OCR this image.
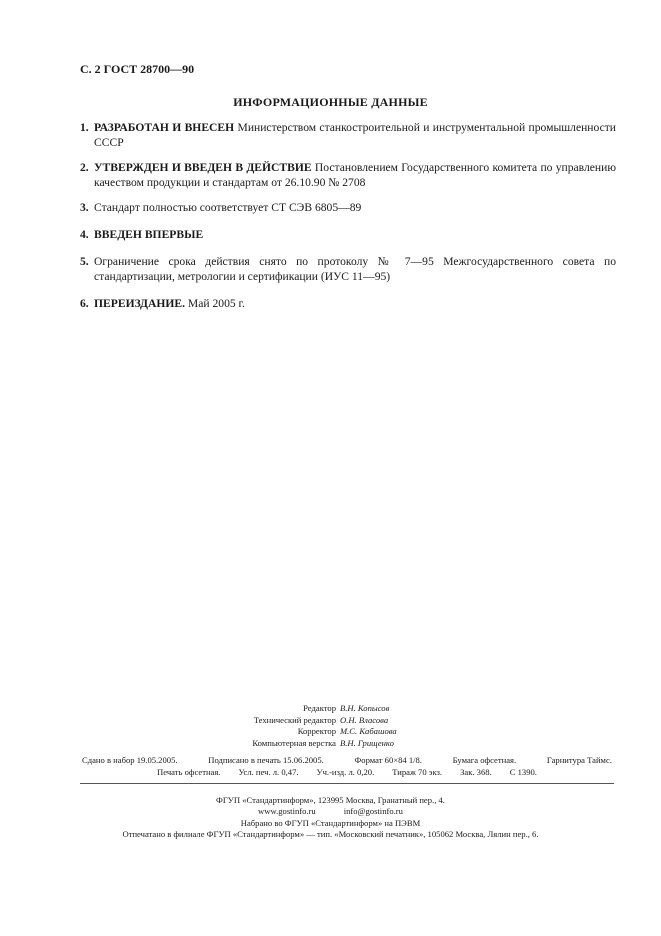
С. 2 ГОСТ 28700—90
ИНФОРМАЦИОННЫЕ ДАННЫЕ
1. РАЗРАБОТАН И ВНЕСЕН Министерством станкостроительной и инструментальной промышленности СССР
2. УТВЕРЖДЕН И ВВЕДЕН В ДЕЙСТВИЕ Постановлением Государственного комитета по управлению качеством продукции и стандартам от 26.10.90 № 2708
3. Стандарт полностью соответствует СТ СЭВ 6805—89
4. ВВЕДЕН ВПЕРВЫЕ
5. Ограничение срока действия снято по протоколу № 7—95 Межгосударственного совета по стандартизации, метрологии и сертификации (ИУС 11—95)
6. ПЕРЕИЗДАНИЕ. Май 2005 г.
Редактор В.Н. Копысов
Технический редактор О.Н. Власова
Корректор М.С. Кабашова
Компьютерная верстка В.Н. Грищенко
Сдано в набор 19.05.2005.	Подписано в печать 15.06.2005.	Формат 60×84 1/8.	Бумага офсетная.	Гарнитура Таймс.
Печать офсетная. Усл. печ. л. 0,47. Уч.-изд. л. 0,20. Тираж 70 экз. Зак. 368. С 1390.
ФГУП «Стандартинформ», 123995 Москва, Гранатный пер., 4.
www.gostinfo.ru	info@gostinfo.ru
Набрано во ФГУП «Стандартинформ» на ПЭВМ
Отпечатано в филиале ФГУП «Стандартинформ» — тип. «Московский печатник», 105062 Москва, Лялин пер., 6.
